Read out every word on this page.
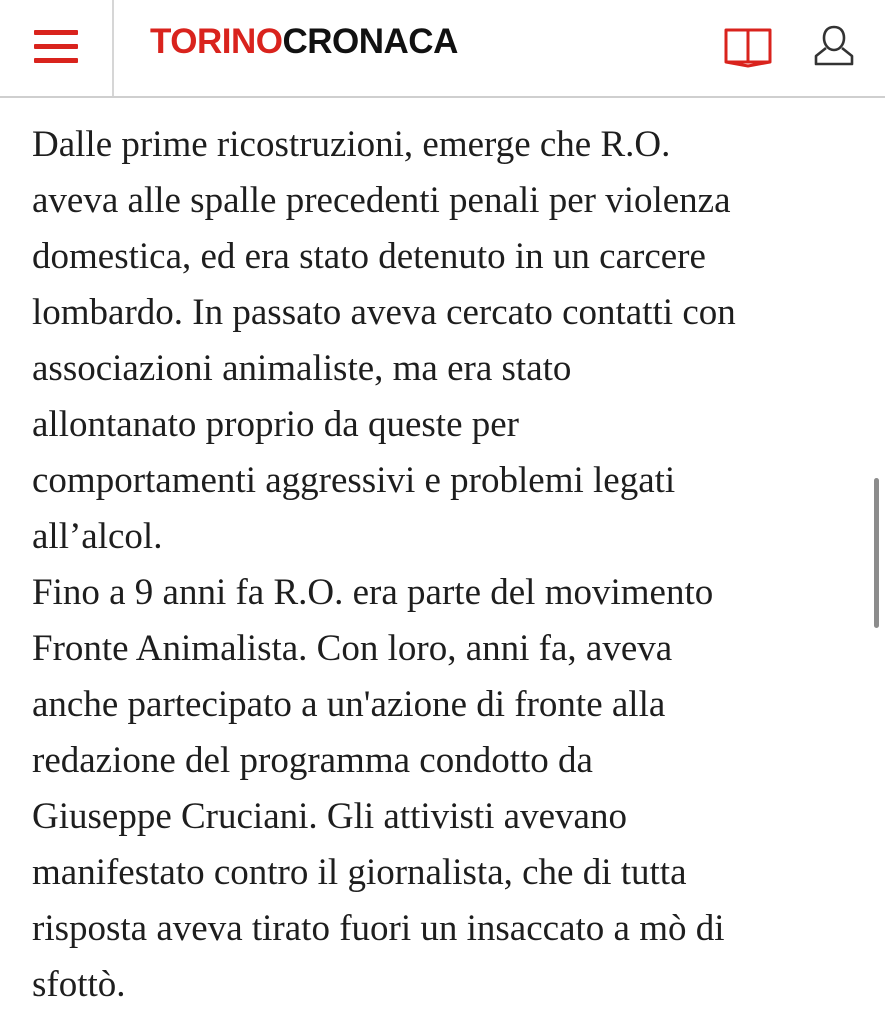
TORINOCRONACA

Dalle prime ricostruzioni, emerge che R.O.

aveva alle spalle precedenti penali per violenza

domestica, ed era stato detenuto in un carcere

lombardo. In passato aveva cercato contatti con

associazioni animaliste, ma era stato

allontanato proprio da queste per

comportamenti aggressivi e problemi legati

all’alcol.

Fino a 9 anni fa R.O. era parte del movimento

Fronte Animalista. Con loro, anni fa, aveva

anche partecipato a un'azione di fronte alla

redazione del programma condotto da

Giuseppe Cruciani. Gli attivisti avevano

manifestato contro il giornalista, che di tutta

risposta aveva tirato fuori un insaccato a mò di

sfottò.
